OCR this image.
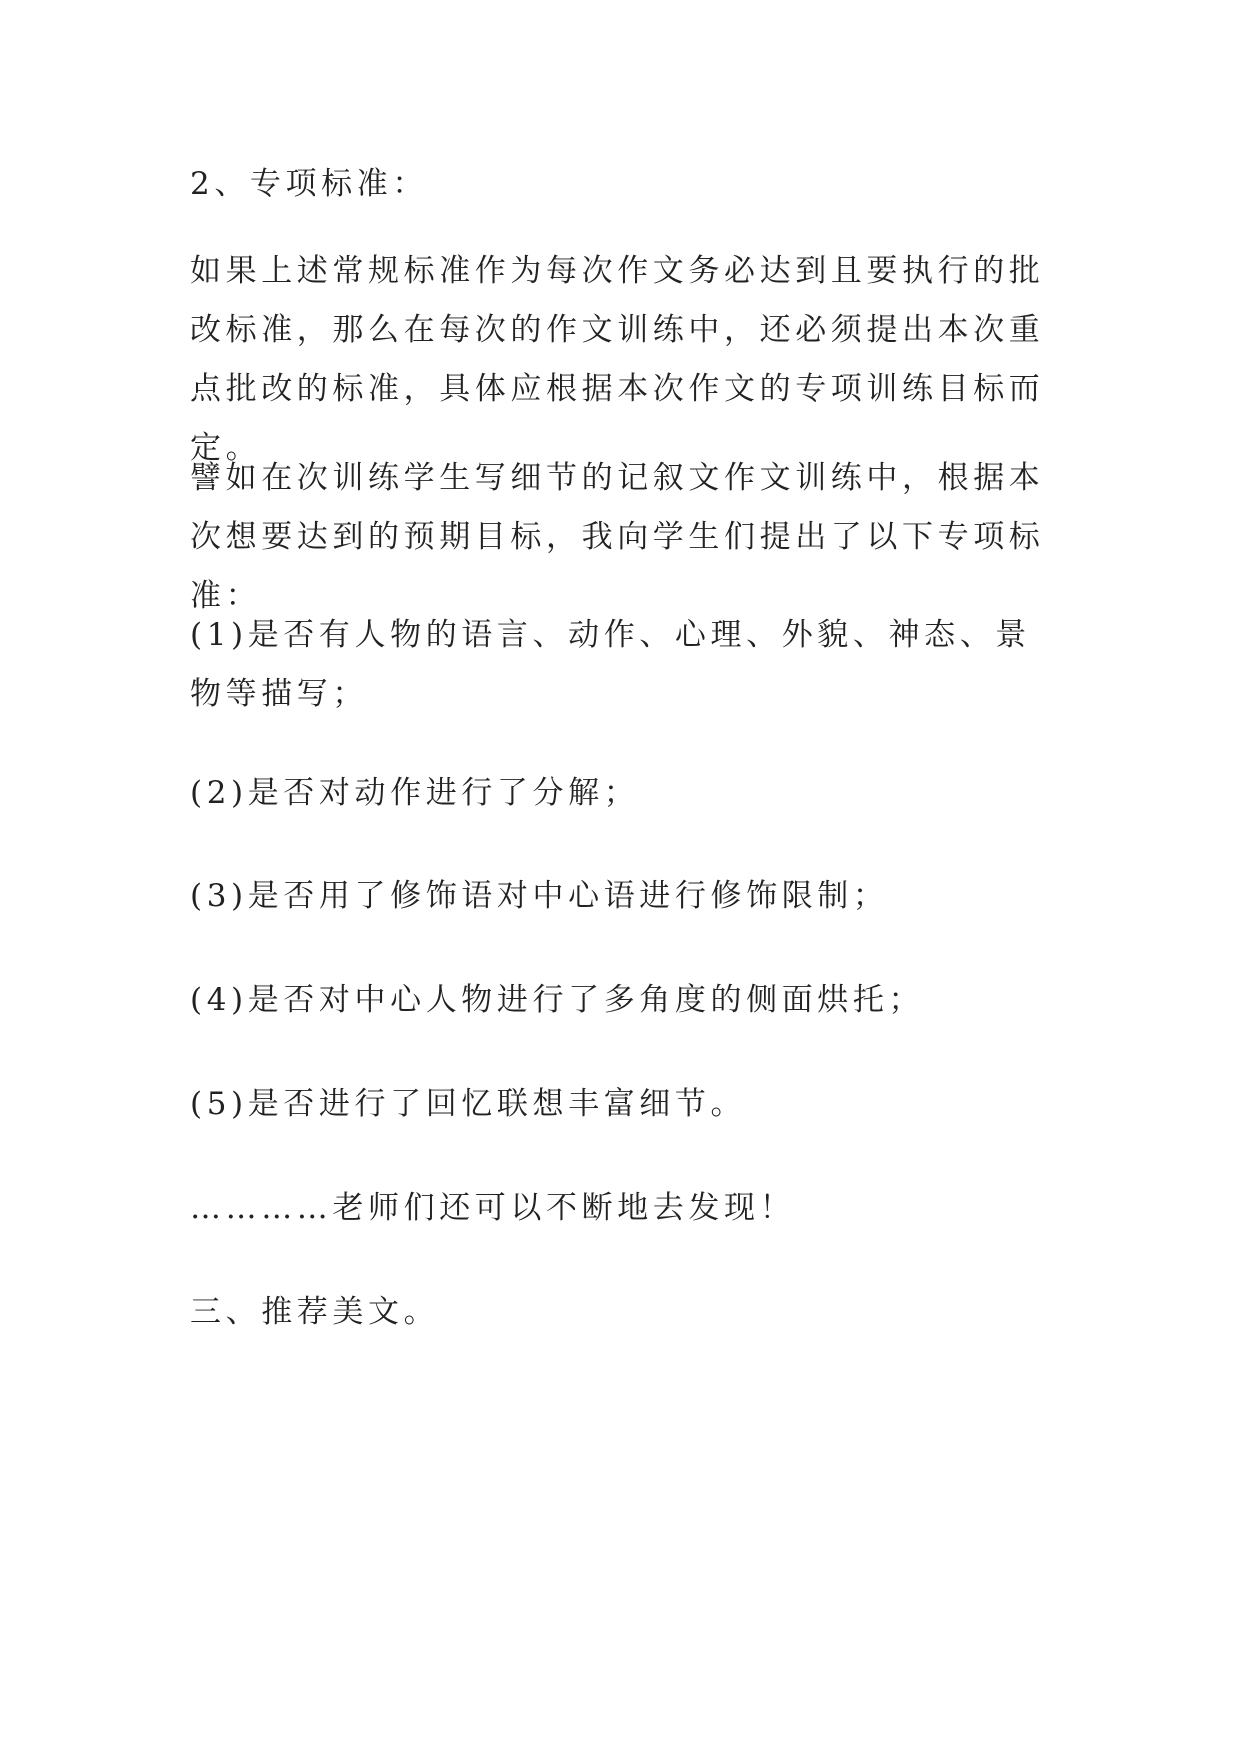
2、专项标准：

如果上述常规标准作为每次作文务必达到且要执行的批改标准，那么在每次的作文训练中，还必须提出本次重点批改的标准，具体应根据本次作文的专项训练目标而定。

譬如在次训练学生写细节的记叙文作文训练中，根据本次想要达到的预期目标，我向学生们提出了以下专项标准：

(1)是否有人物的语言、动作、心理、外貌、神态、景物等描写；

(2)是否对动作进行了分解；

(3)是否用了修饰语对中心语进行修饰限制；

(4)是否对中心人物进行了多角度的侧面烘托；

(5)是否进行了回忆联想丰富细节。

…………老师们还可以不断地去发现！

三、推荐美文。
